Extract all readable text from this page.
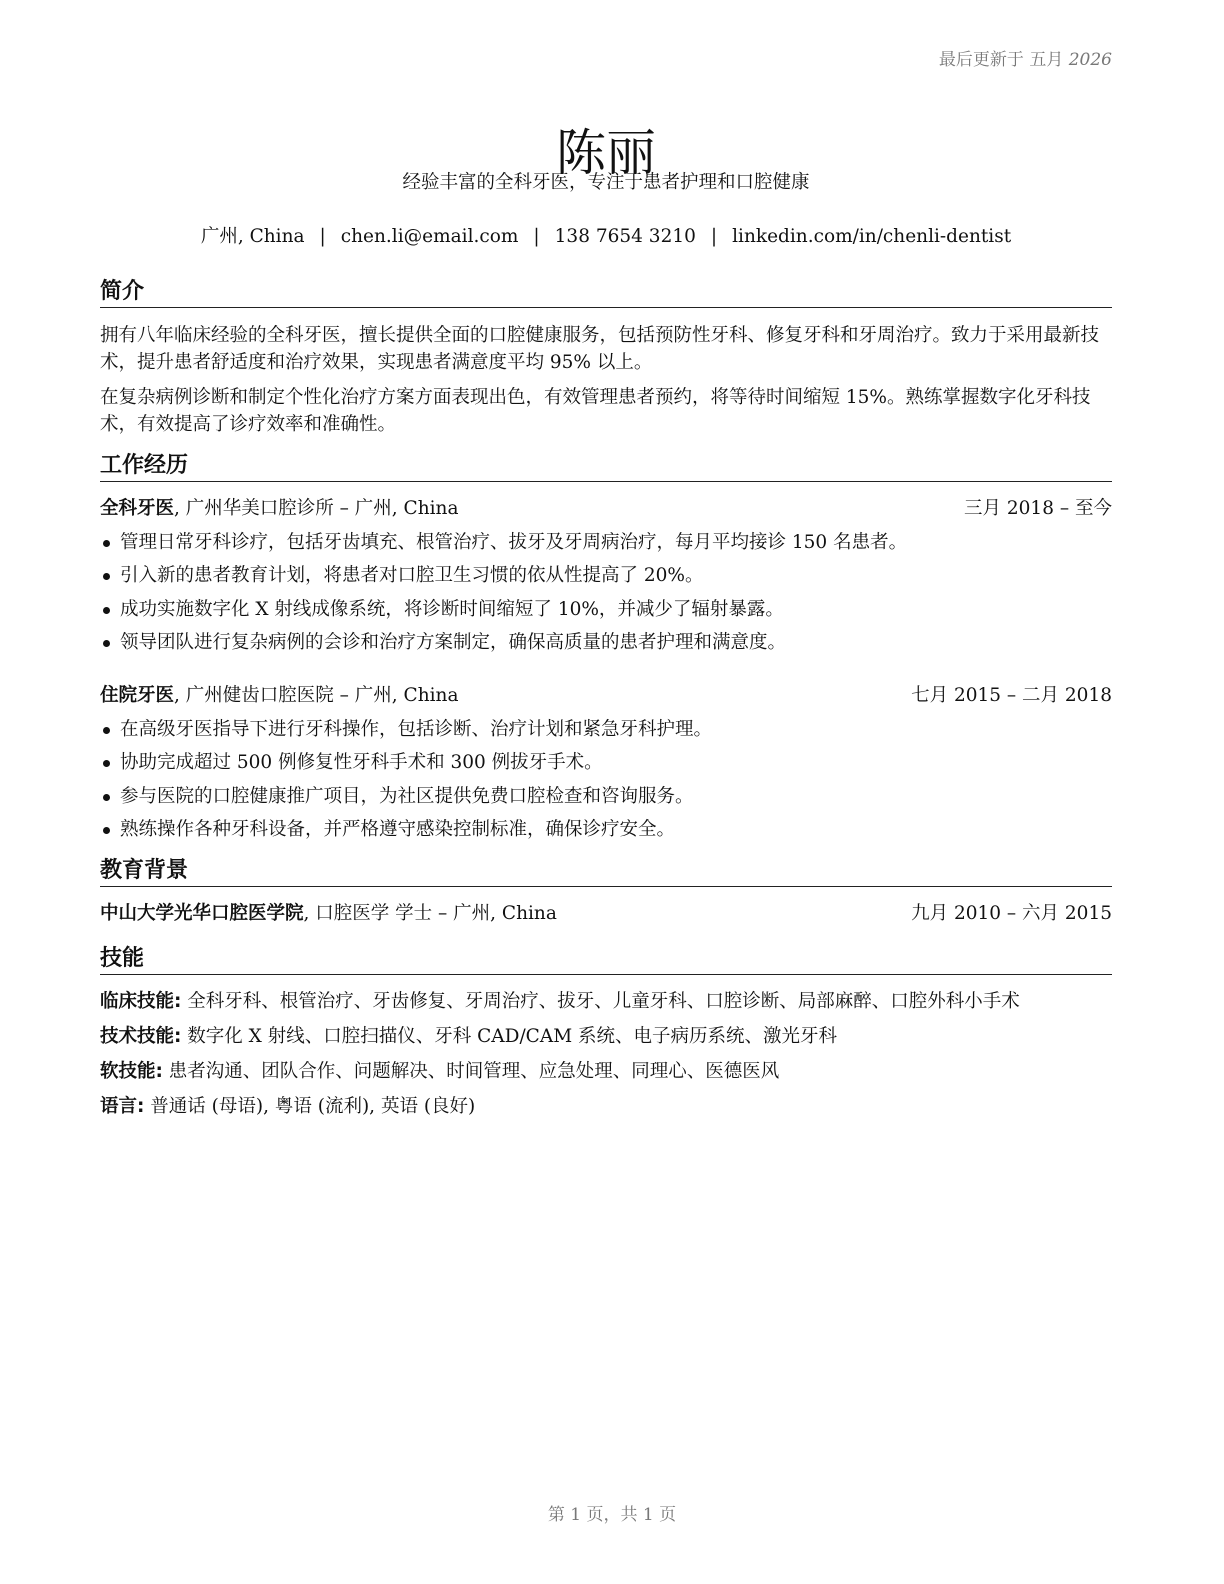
最后更新于 五月 2026
陈丽
经验丰富的全科牙医，专注于患者护理和口腔健康
广州, China | chen.li@email.com | 138 7654 3210 | linkedin.com/in/chenli-dentist
简介

拥有八年临床经验的全科牙医，擅长提供全面的口腔健康服务，包括预防性牙科、修复牙科和牙周治疗。致力于采用最新技术，提升患者舒适度和治疗效果，实现患者满意度平均 95% 以上。

在复杂病例诊断和制定个性化治疗方案方面表现出色，有效管理患者预约，将等待时间缩短 15%。熟练掌握数字化牙科技术，有效提高了诊疗效率和准确性。

工作经历
全科牙医, 广州华美口腔诊所 – 广州, China	三月 2018 – 至今
管理日常牙科诊疗，包括牙齿填充、根管治疗、拔牙及牙周病治疗，每月平均接诊 150 名患者。
引入新的患者教育计划，将患者对口腔卫生习惯的依从性提高了 20%。
成功实施数字化 X 射线成像系统，将诊断时间缩短了 10%，并减少了辐射暴露。
领导团队进行复杂病例的会诊和治疗方案制定，确保高质量的患者护理和满意度。
住院牙医, 广州健齿口腔医院 – 广州, China	七月 2015 – 二月 2018
在高级牙医指导下进行牙科操作，包括诊断、治疗计划和紧急牙科护理。
协助完成超过 500 例修复性牙科手术和 300 例拔牙手术。
参与医院的口腔健康推广项目，为社区提供免费口腔检查和咨询服务。
熟练操作各种牙科设备，并严格遵守感染控制标准，确保诊疗安全。
教育背景
中山大学光华口腔医学院, 口腔医学 学士 – 广州, China	九月 2010 – 六月 2015
技能
临床技能: 全科牙科、根管治疗、牙齿修复、牙周治疗、拔牙、儿童牙科、口腔诊断、局部麻醉、口腔外科小手术
技术技能: 数字化 X 射线、口腔扫描仪、牙科 CAD/CAM 系统、电子病历系统、激光牙科
软技能: 患者沟通、团队合作、问题解决、时间管理、应急处理、同理心、医德医风
语言: 普通话 (母语), 粤语 (流利), 英语 (良好)
第 1 页，共 1 页
